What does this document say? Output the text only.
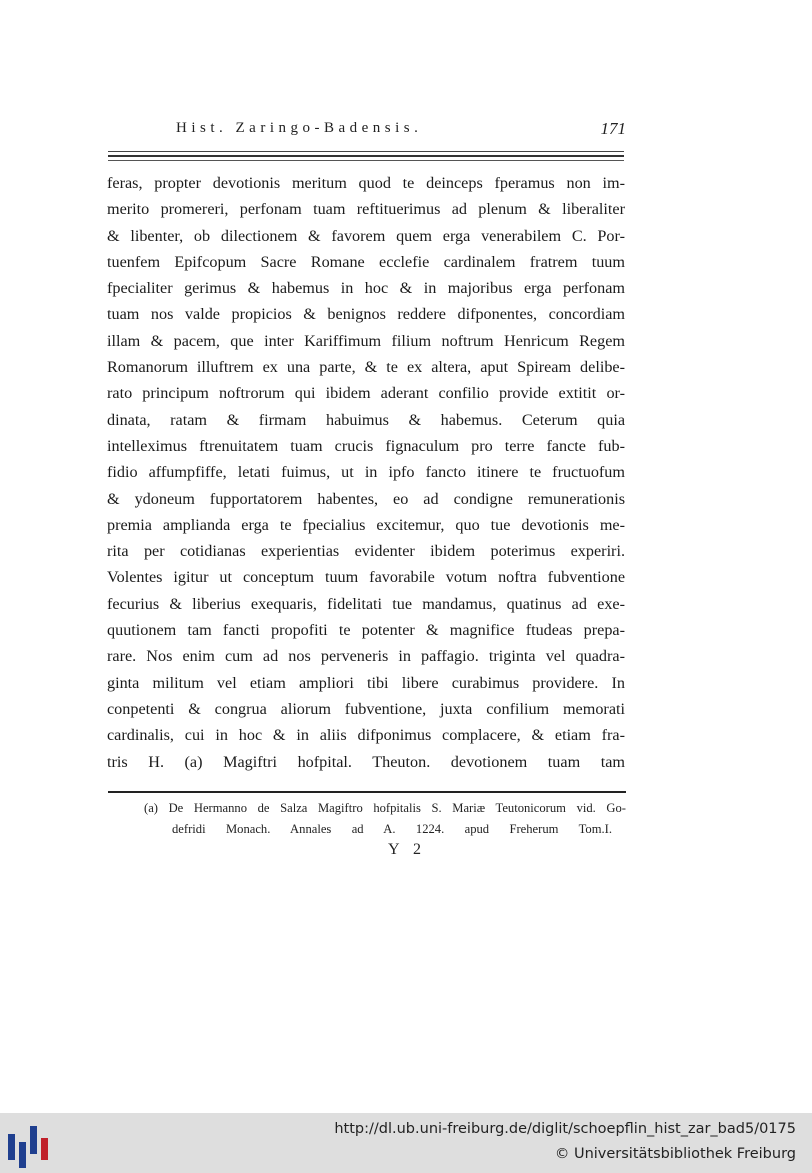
Hist. Zaringo-Badensis.	171
feras, propter devotionis meritum quod te deinceps fperamus non im-
merito promereri, perfonam tuam reftituerimus ad plenum & liberaliter
& libenter, ob dilectionem & favorem quem erga venerabilem C. Por-
tuenfem Epifcopum Sacre Romane ecclefie cardinalem fratrem tuum
fpecialiter gerimus & habemus in hoc & in majoribus erga perfonam
tuam nos valde propicios & benignos reddere difponentes, concordiam
illam & pacem, que inter Kariffimum filium noftrum Henricum Regem
Romanorum illuftrem ex una parte, & te ex altera, aput Spiream delibe-
rato principum noftrorum qui ibidem aderant confilio provide extitit or-
dinata, ratam & firmam habuimus & habemus. Ceterum quia
intelleximus ftrenuitatem tuam crucis fignaculum pro terre fancte fub-
fidio affumpfiffe, letati fuimus, ut in ipfo fancto itinere te fructuofum
& ydoneum fupportatorem habentes, eo ad condigne remunerationis
premia amplianda erga te fpecialius excitemur, quo tue devotionis me-
rita per cotidianas experientias evidenter ibidem poterimus experiri.
Volentes igitur ut conceptum tuum favorabile votum noftra fubventione
fecurius & liberius exequaris, fidelitati tue mandamus, quatinus ad exe-
quutionem tam fancti propofiti te potenter & magnifice ftudeas prepa-
rare. Nos enim cum ad nos perveneris in paffagio. triginta vel quadra-
ginta militum vel etiam ampliori tibi libere curabimus providere. In
conpetenti & congrua aliorum fubventione, juxta confilium memorati
cardinalis, cui in hoc & in aliis difponimus complacere, & etiam fra-
tris H. (a) Magiftri hofpital. Theuton. devotionem tuam tam
(a) De Hermanno de Salza Magiftro hofpitalis S. Mariæ Teutonicorum vid. Go-
defridi Monach. Annales ad A. 1224. apud Freherum Tom.I.
Y 2
http://dl.ub.uni-freiburg.de/diglit/schoepflin_hist_zar_bad5/0175
© Universitätsbibliothek Freiburg
